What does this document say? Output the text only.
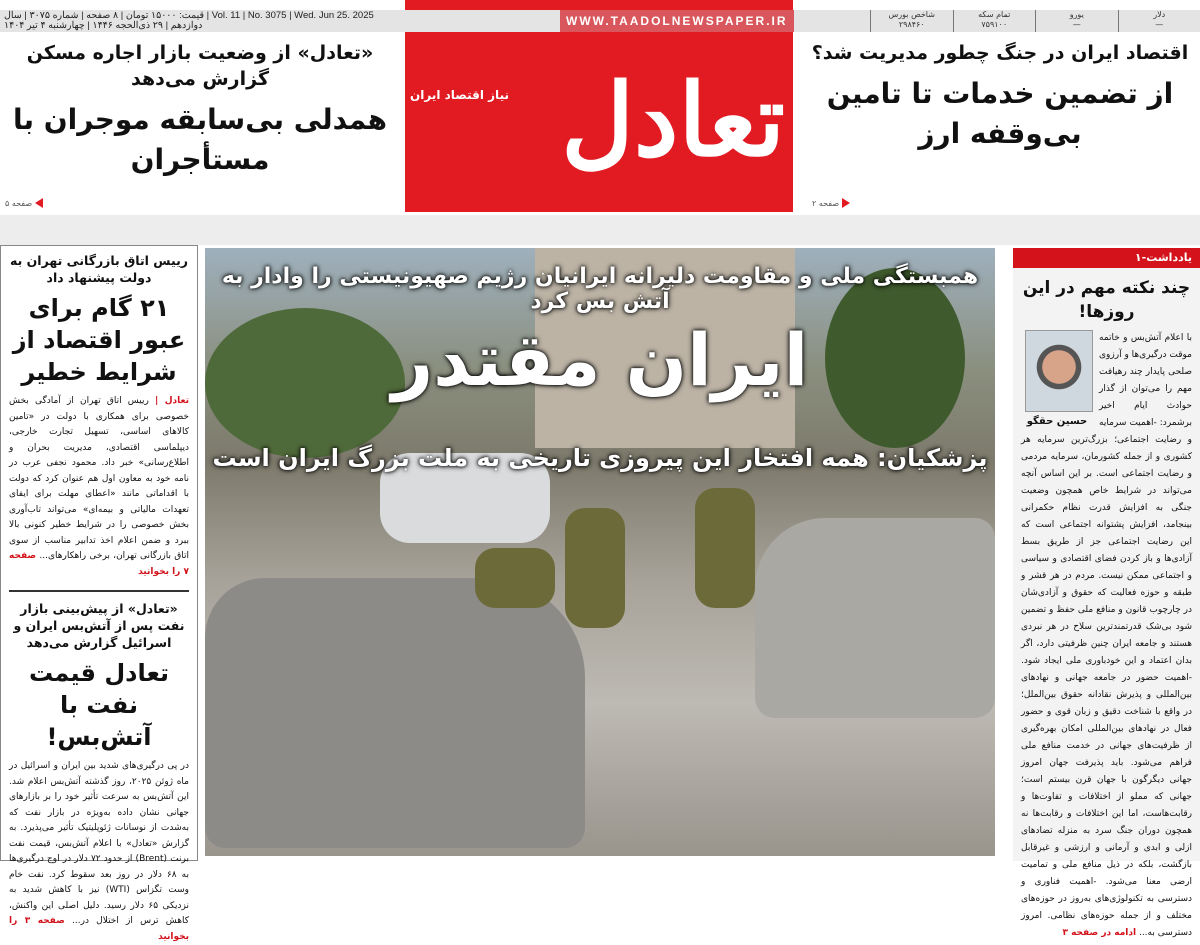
تعادل
نیاز اقتصاد ایران
Vol. 11 | No. 3075 | Wed. Jun 25. 2025 | قیمت: ۱۵۰۰۰ تومان | ۸ صفحه | شماره ۳۰۷۵ | سال دوازدهم | ۲۹ ذی‌الحجه ۱۴۴۶ | چهارشنبه ۴ تیر ۱۴۰۴	WWW.TAADOLNEWSPAPER.IR	دلار
—
یورو
—
تمام سکه
۷۵۹۱۰۰
شاخص بورس
۲۹۸۴۶۰
«تعادل» از وضعیت بازار اجاره مسکن گزارش می‌دهد
همدلی بی‌سابقه موجران با مستأجران
صفحه ۵
اقتصاد ایران در جنگ چطور مدیریت شد؟
از تضمین خدمات تا تامین بی‌وقفه ارز
صفحه ۲
رییس اتاق بازرگانی تهران به دولت پیشنهاد داد
۲۱ گام برای عبور اقتصاد از شرایط خطیر
تعادل | رییس اتاق تهران از آمادگی بخش خصوصی برای همکاری با دولت در «تامین کالاهای اساسی، تسهیل تجارت خارجی، دیپلماسی اقتصادی، مدیریت بحران و اطلاع‌رسانی» خبر داد. محمود نجفی عرب در نامه خود به معاون اول هم عنوان کرد که دولت با اقداماتی مانند «اعطای مهلت برای ایفای تعهدات مالیاتی و بیمه‌ای» می‌تواند تاب‌آوری بخش خصوصی را در شرایط خطیر کنونی بالا ببرد و ضمن اعلام اخذ تدابیر مناسب از سوی اتاق بازرگانی تهران، برخی راهکارهای... صفحه ۷ را بخوانید
«تعادل» از پیش‌بینی بازار نفت پس از آتش‌بس ایران و اسرائیل گزارش می‌دهد
تعادل قیمت نفت با آتش‌بس!
در پی درگیری‌های شدید بین ایران و اسرائیل در ماه ژوئن ۲۰۲۵، روز گذشته آتش‌بس اعلام شد. این آتش‌بس به سرعت تأثیر خود را بر بازارهای جهانی نشان داده به‌ویژه در بازار نفت که به‌شدت از نوسانات ژئوپلیتیک تأثیر می‌پذیرد. به گزارش «تعادل» با اعلام آتش‌بس، قیمت نفت برنت (Brent) از حدود ۷۲ دلار در اوج درگیری‌ها به ۶۸ دلار در روز بعد سقوط کرد. نفت خام وست تگزاس (WTI) نیز با کاهش شدید به نزدیکی ۶۵ دلار رسید. دلیل اصلی این واکنش، کاهش ترس از اختلال در... صفحه ۳ را بخوانید
همبستگی ملی و مقاومت دلیرانه ایرانیان رژیم صهیونیستی را وادار به آتش بس کرد
ایران مقتدر
پزشکیان: همه افتخار این پیروزی تاریخی به ملت بزرگ ایران است
یادداشت-۱
چند نکته مهم در این روزها!
حسین حقگو
با اعلام آتش‌بس و خاتمه موقت درگیری‌ها و آرزوی صلحی پایدار چند رهیافت مهم را می‌توان از گذار حوادث ایام اخیر برشمرد: -اهمیت سرمایه و رضایت اجتماعی؛ بزرگ‌ترین سرمایه هر کشوری و از جمله کشورمان، سرمایه مردمی و رضایت اجتماعی است. بر این اساس آنچه می‌تواند در شرایط خاص همچون وضعیت جنگی به افزایش قدرت نظام حکمرانی بینجامد، افزایش پشتوانه اجتماعی است که این رضایت اجتماعی جز از طریق بسط آزادی‌ها و باز کردن فضای اقتصادی و سیاسی و اجتماعی ممکن نیست. مردم در هر قشر و طبقه و حوزه فعالیت که حقوق و آزادی‌شان در چارچوب قانون و منافع ملی حفظ و تضمین شود بی‌شک قدرتمندترین سلاح در هر نبردی هستند و جامعه ایران چنین ظرفیتی دارد، اگر بدان اعتماد و این خودباوری ملی ایجاد شود. -اهمیت حضور در جامعه جهانی و نهادهای بین‌المللی و پذیرش نقادانه حقوق بین‌الملل؛ در واقع با شناخت دقیق و زبان قوی و حضور فعال در نهادهای بین‌المللی امکان بهره‌گیری از ظرفیت‌های جهانی در خدمت منافع ملی فراهم می‌شود. باید پذیرفت جهان امروز جهانی دیگرگون با جهان قرن بیستم است؛ جهانی که مملو از اختلافات و تفاوت‌ها و رقابت‌هاست، اما این اختلافات و رقابت‌ها نه همچون دوران جنگ سرد به منزله تضادهای ازلی و ابدی و آرمانی و ارزشی و غیرقابل بازگشت، بلکه در ذیل منافع ملی و تمامیت ارضی معنا می‌شود. -اهمیت فناوری و دسترسی به تکنولوژی‌های به‌روز در حوزه‌های مختلف و از جمله حوزه‌های نظامی. امروز دسترسی به... ادامه در صفحه ۳
